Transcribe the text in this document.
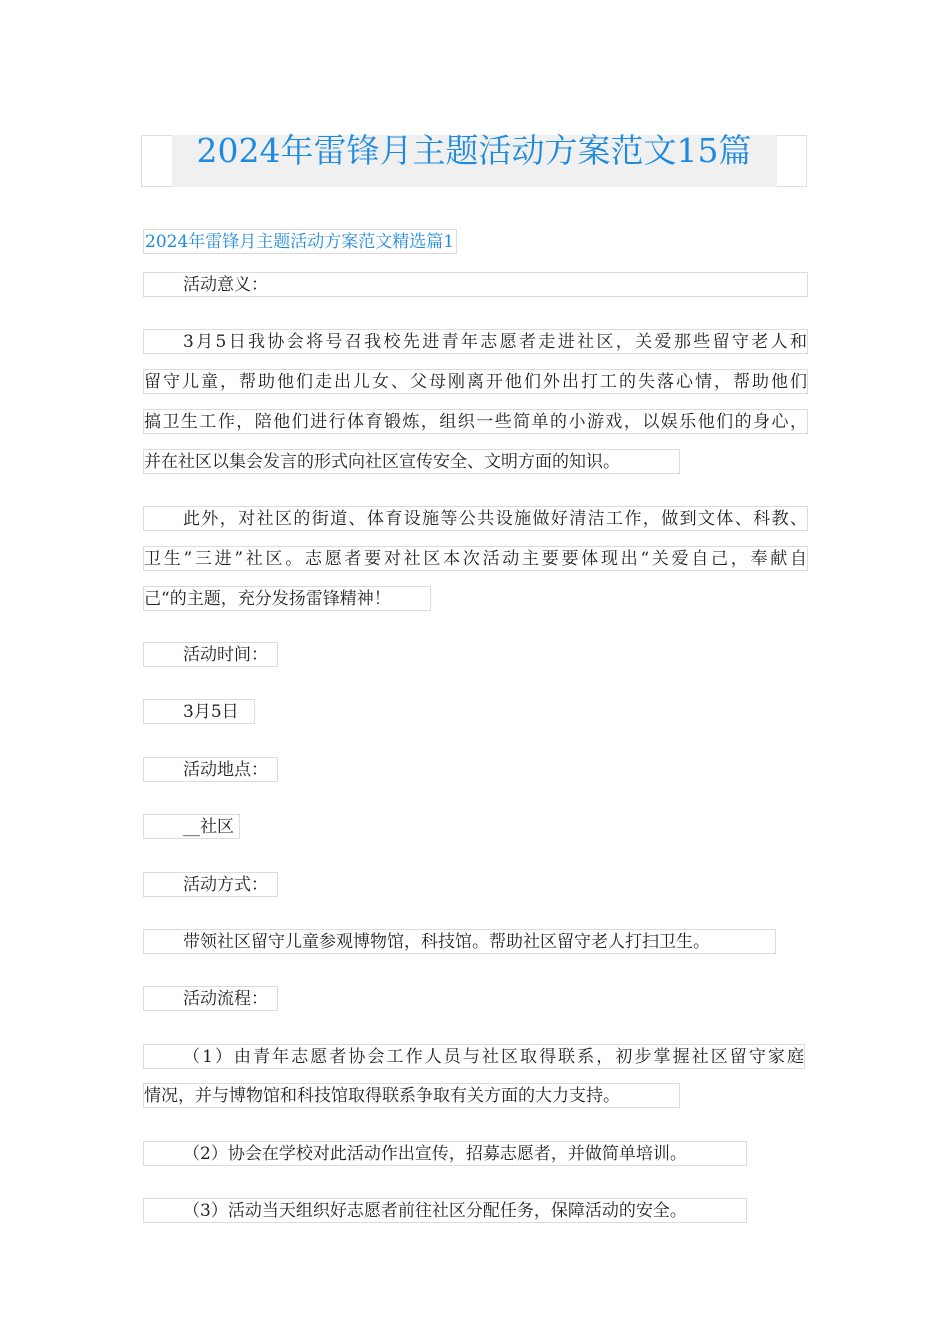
2024年雷锋月主题活动方案范文15篇
2024年雷锋月主题活动方案范文精选篇1
活动意义：
3月5日我协会将号召我校先进青年志愿者走进社区，关爱那些留守老人和
留守儿童，帮助他们走出儿女、父母刚离开他们外出打工的失落心情，帮助他们
搞卫生工作，陪他们进行体育锻炼，组织一些简单的小游戏，以娱乐他们的身心，
并在社区以集会发言的形式向社区宣传安全、文明方面的知识。
此外，对社区的街道、体育设施等公共设施做好清洁工作，做到文体、科教、
卫生”三进”社区。志愿者要对社区本次活动主要要体现出“关爱自己，奉献自
己“的主题，充分发扬雷锋精神！
活动时间：
3月5日
活动地点：
__社区
活动方式：
带领社区留守儿童参观博物馆，科技馆。帮助社区留守老人打扫卫生。
活动流程：
（1）由青年志愿者协会工作人员与社区取得联系，初步掌握社区留守家庭
情况，并与博物馆和科技馆取得联系争取有关方面的大力支持。
（2）协会在学校对此活动作出宣传，招募志愿者，并做简单培训。
（3）活动当天组织好志愿者前往社区分配任务，保障活动的安全。
